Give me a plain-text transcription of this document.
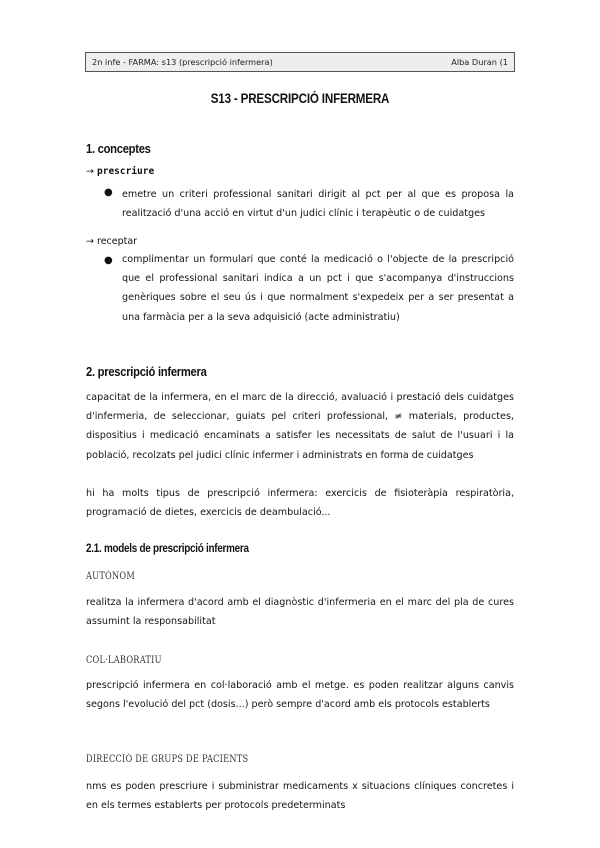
2n infe - FARMA: s13 (prescripció infermera)	Alba Duran (1
S13 - PRESCRIPCIÓ INFERMERA
1. conceptes
→ prescriure
● emetre un criteri professional sanitari dirigit al pct per al que es proposa la realització d'una acció en virtut d'un judici clínic i terapèutic o de cuidatges
→ receptar
● complimentar un formulari que conté la medicació o l'objecte de la prescripció que el professional sanitari indica a un pct i que s'acompanya d'instruccions genèriques sobre el seu ús i que normalment s'expedeix per a ser presentat a una farmàcia per a la seva adquisició (acte administratiu)
2. prescripció infermera
capacitat de la infermera, en el marc de la direcció, avaluació i prestació dels cuidatges d'infermeria, de seleccionar, guiats pel criteri professional, ≠ materials, productes, dispositius i medicació encaminats a satisfer les necessitats de salut de l'usuari i la població, recolzats pel judici clínic infermer i administrats en forma de cuidatges
hi ha molts tipus de prescripció infermera: exercicis de fisioteràpia respiratòria, programació de dietes, exercicis de deambulació...
2.1. models de prescripció infermera
AUTÒNOM
realitza la infermera d'acord amb el diagnòstic d'infermeria en el marc del pla de cures assumint la responsabilitat
COL·LABORATIU
prescripció infermera en col·laboració amb el metge. es poden realitzar alguns canvis segons l'evolució del pct (dosis...) però sempre d'acord amb els protocols establerts
DIRECCIÓ DE GRUPS DE PACIENTS
nms es poden prescriure i subministrar medicaments x situacions clíniques concretes i en els termes establerts per protocols predeterminats
